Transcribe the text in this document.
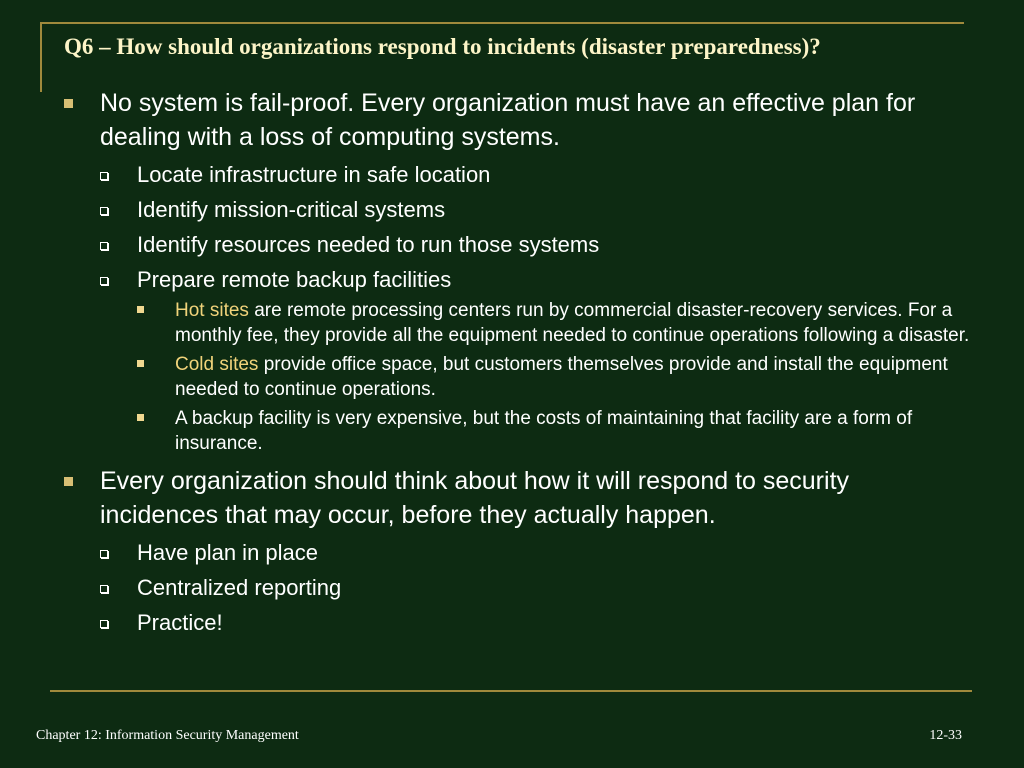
Q6 – How should organizations respond to incidents (disaster preparedness)?
No system is fail-proof. Every organization must have an effective plan for dealing with a loss of computing systems.
Locate infrastructure in safe location
Identify mission-critical systems
Identify resources needed to run those systems
Prepare remote backup facilities
Hot sites are remote processing centers run by commercial disaster-recovery services. For a monthly fee, they provide all the equipment needed to continue operations following a disaster.
Cold sites provide office space, but customers themselves provide and install the equipment needed to continue operations.
A backup facility is very expensive, but the costs of maintaining that facility are a form of insurance.
Every organization should think about how it will respond to security incidences that may occur, before they actually happen.
Have plan in place
Centralized reporting
Practice!
Chapter 12: Information Security Management	12-33
